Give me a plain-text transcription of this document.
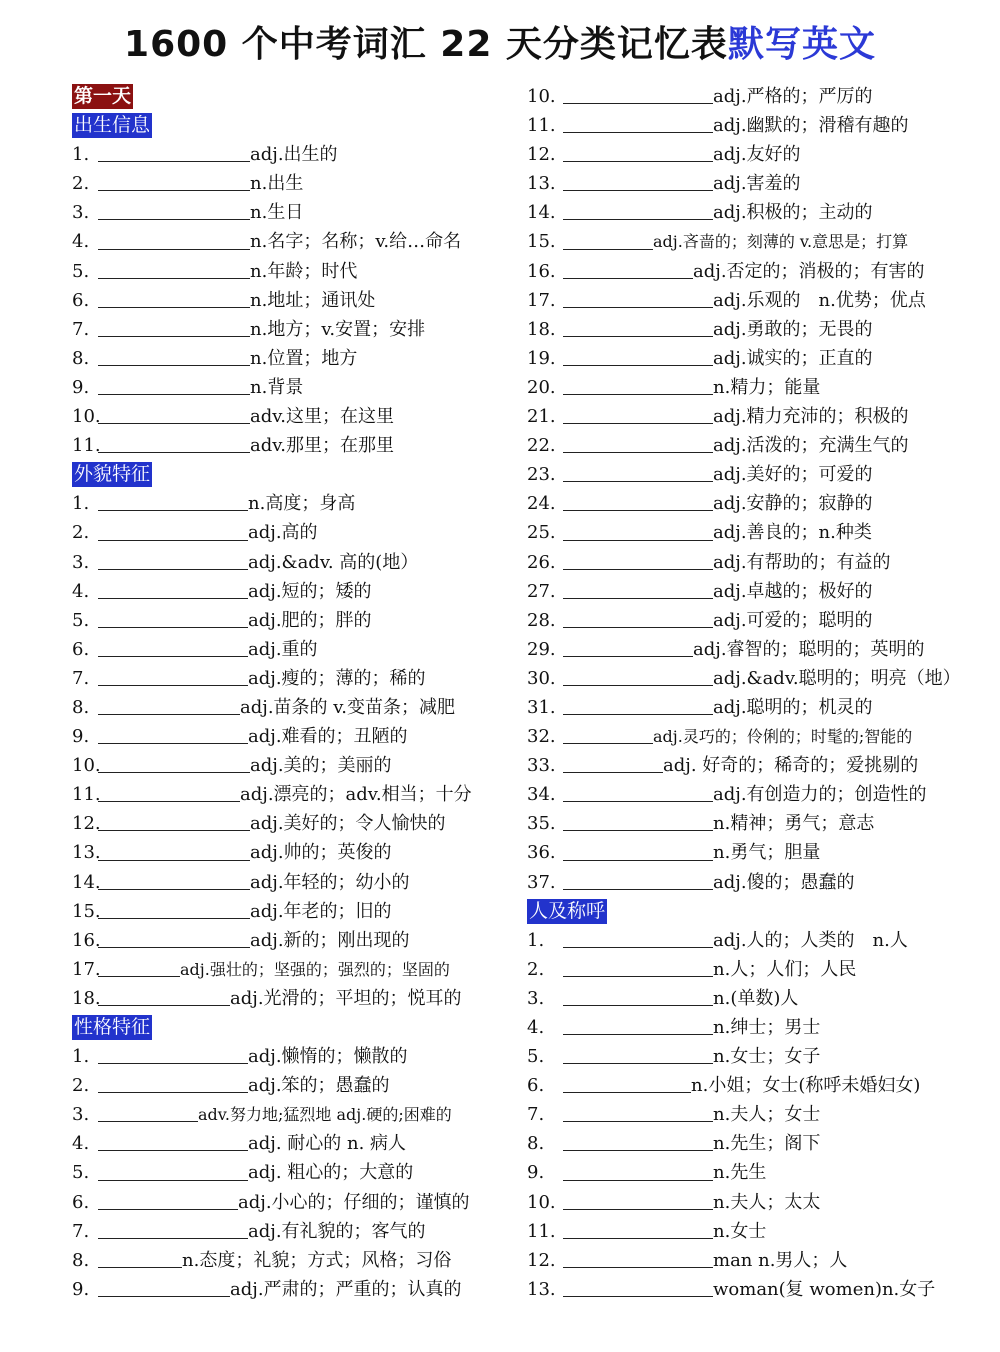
1600 个中考词汇 22 天分类记忆表默写英文
第一天
出生信息
1.	adj.出生的
2.	n.出生
3.	n.生日
4.	n.名字；名称；v.给…命名
5.	n.年龄；时代
6.	n.地址；通讯处
7.	n.地方；v.安置；安排
8.	n.位置；地方
9.	n.背景
10.	adv.这里；在这里
11.	adv.那里；在那里
外貌特征
1.	n.高度；身高
2.	adj.高的
3.	adj.&adv. 高的(地）
4.	adj.短的；矮的
5.	adj.肥的；胖的
6.	adj.重的
7.	adj.瘦的；薄的；稀的
8.	adj.苗条的 v.变苗条；减肥
9.	adj.难看的；丑陋的
10.	adj.美的；美丽的
11.	adj.漂亮的；adv.相当；十分
12.	adj.美好的；令人愉快的
13.	adj.帅的；英俊的
14.	adj.年轻的；幼小的
15.	adj.年老的；旧的
16.	adj.新的；刚出现的
17.	adj.强壮的；坚强的；强烈的；坚固的
18.	adj.光滑的；平坦的；悦耳的
性格特征
1.	adj.懒惰的；懒散的
2.	adj.笨的；愚蠢的
3.	adv.努力地;猛烈地 adj.硬的;困难的
4.	adj. 耐心的 n. 病人
5.	adj. 粗心的；大意的
6.	adj.小心的；仔细的；谨慎的
7.	adj.有礼貌的；客气的
8.	n.态度；礼貌；方式；风格；习俗
9.	adj.严肃的；严重的；认真的
10.	adj.严格的；严厉的
11.	adj.幽默的；滑稽有趣的
12.	adj.友好的
13.	adj.害羞的
14.	adj.积极的；主动的
15.	adj.吝啬的；刻薄的 v.意思是；打算
16.	adj.否定的；消极的；有害的
17.	adj.乐观的　n.优势；优点
18.	adj.勇敢的；无畏的
19.	adj.诚实的；正直的
20.	n.精力；能量
21.	adj.精力充沛的；积极的
22.	adj.活泼的；充满生气的
23.	adj.美好的；可爱的
24.	adj.安静的；寂静的
25.	adj.善良的；n.种类
26.	adj.有帮助的；有益的
27.	adj.卓越的；极好的
28.	adj.可爱的；聪明的
29.	adj.睿智的；聪明的；英明的
30.	adj.&adv.聪明的；明亮（地）
31.	adj.聪明的；机灵的
32.	adj.灵巧的；伶俐的；时髦的;智能的
33.	adj. 好奇的；稀奇的；爱挑剔的
34.	adj.有创造力的；创造性的
35.	n.精神；勇气；意志
36.	n.勇气；胆量
37.	adj.傻的；愚蠢的
人及称呼
1.	adj.人的；人类的　n.人
2.	n.人；人们；人民
3.	n.(单数)人
4.	n.绅士；男士
5.	n.女士；女子
6.	n.小姐；女士(称呼未婚妇女)
7.	n.夫人；女士
8.	n.先生；阁下
9.	n.先生
10.	n.夫人；太太
11.	n.女士
12.	man n.男人；人
13.	woman(复 women)n.女子
